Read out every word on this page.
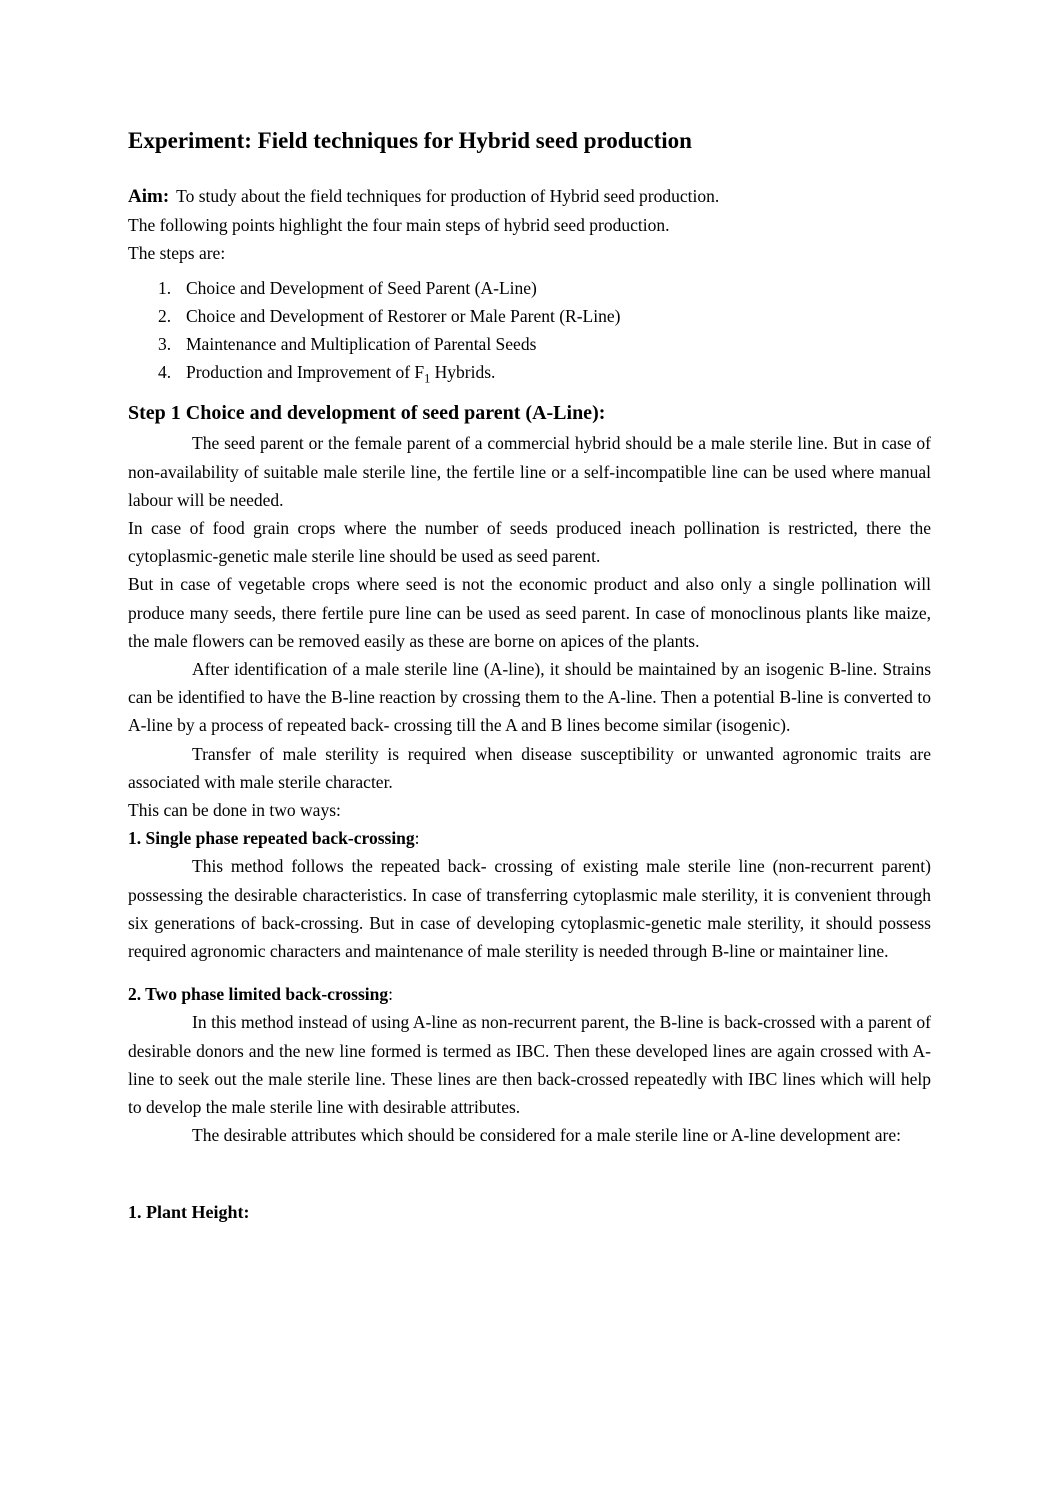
Experiment: Field techniques for Hybrid seed production

Aim: To study about the field techniques for production of Hybrid seed production.

The following points highlight the four main steps of hybrid seed production.

The steps are:

1. Choice and Development of Seed Parent (A-Line)
2. Choice and Development of Restorer or Male Parent (R-Line)
3. Maintenance and Multiplication of Parental Seeds
4. Production and Improvement of $F_1$ Hybrids.
Step 1 Choice and development of seed parent (A-Line):

The seed parent or the female parent of a commercial hybrid should be a male sterile line. But in case of non-availability of suitable male sterile line, the fertile line or a self-incompatible line can be used where manual labour will be needed.

In case of food grain crops where the number of seeds produced ineach pollination is restricted, there the cytoplasmic-genetic male sterile line should be used as seed parent.

But in case of vegetable crops where seed is not the economic product and also only a single pollination will produce many seeds, there fertile pure line can be used as seed parent. In case of monoclinous plants like maize, the male flowers can be removed easily as these are borne on apices of the plants.

After identification of a male sterile line (A-line), it should be maintained by an isogenic B-line. Strains can be identified to have the B-line reaction by crossing them to the A-line. Then a potential B-line is converted to A-line by a process of repeated back- crossing till the A and B lines become similar (isogenic).

Transfer of male sterility is required when disease susceptibility or unwanted agronomic traits are associated with male sterile character.

This can be done in two ways:

1. Single phase repeated back-crossing:

This method follows the repeated back- crossing of existing male sterile line (non-recurrent parent) possessing the desirable characteristics. In case of transferring cytoplasmic male sterility, it is convenient through six generations of back-crossing. But in case of developing cytoplasmic-genetic male sterility, it should possess required agronomic characters and maintenance of male sterility is needed through B-line or maintainer line.

2. Two phase limited back-crossing:

In this method instead of using A-line as non-recurrent parent, the B-line is back-crossed with a parent of desirable donors and the new line formed is termed as IBC. Then these developed lines are again crossed with A-line to seek out the male sterile line. These lines are then back-crossed repeatedly with IBC lines which will help to develop the male sterile line with desirable attributes.

The desirable attributes which should be considered for a male sterile line or A-line development are:

1. Plant Height:
